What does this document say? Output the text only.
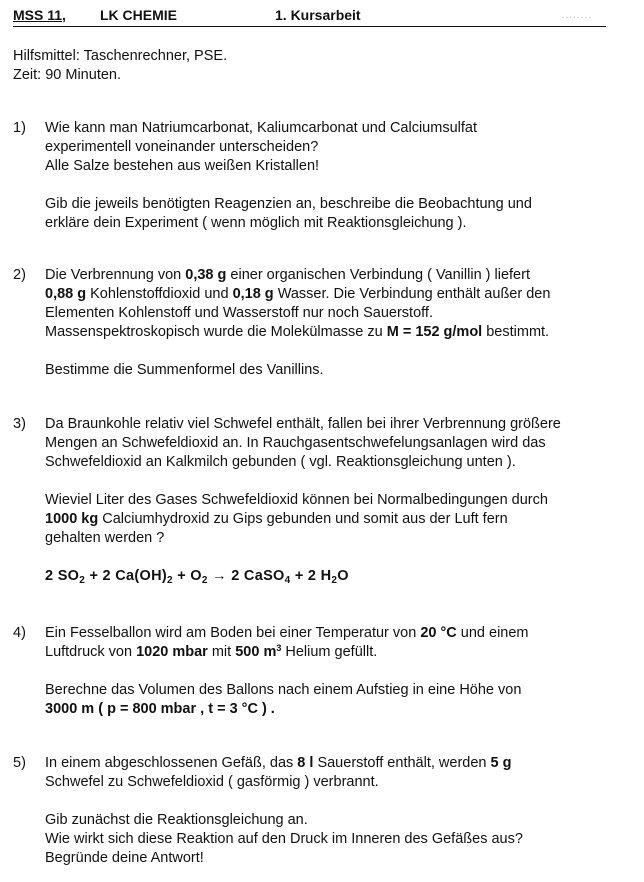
MSS 11, LK CHEMIE	1. Kursarbeit	........
Hilfsmittel: Taschenrechner, PSE.
Zeit: 90 Minuten.
1) Wie kann man Natriumcarbonat, Kaliumcarbonat und Calciumsulfat

experimentell voneinander unterscheiden?

Alle Salze bestehen aus weißen Kristallen!

Gib die jeweils benötigten Reagenzien an, beschreibe die Beobachtung und

erkläre dein Experiment ( wenn möglich mit Reaktionsgleichung ).

2) Die Verbrennung von 0,38 g einer organischen Verbindung ( Vanillin ) liefert

0,88 g Kohlenstoffdioxid und 0,18 g Wasser. Die Verbindung enthält außer den

Elementen Kohlenstoff und Wasserstoff nur noch Sauerstoff.

Massenspektroskopisch wurde die Molekülmasse zu M = 152 g/mol bestimmt.

Bestimme die Summenformel des Vanillins.

3) Da Braunkohle relativ viel Schwefel enthält, fallen bei ihrer Verbrennung größere

Mengen an Schwefeldioxid an. In Rauchgasentschwefelungsanlagen wird das

Schwefeldioxid an Kalkmilch gebunden ( vgl. Reaktionsgleichung unten ).

Wieviel Liter des Gases Schwefeldioxid können bei Normalbedingungen durch

1000 kg Calciumhydroxid zu Gips gebunden und somit aus der Luft fern

gehalten werden ?

2 $SO_2 + 2$ $Ca(OH)_2 + O_2 \to 2$ CaSO$_4$ + 2 $H_2O$

4) Ein Fesselballon wird am Boden bei einer Temperatur von 20 °C und einem

Luftdruck von 1020 mbar mit 500 $m^3$ Helium gefüllt.

Berechne das Volumen des Ballons nach einem Aufstieg in eine Höhe von

3000 m ( p = 800 mbar , t = 3 °C ) .

5) In einem abgeschlossenen Gefäß, das 8 l Sauerstoff enthält, werden 5 g

Schwefel zu Schwefeldioxid ( gasförmig ) verbrannt.

Gib zunächst die Reaktionsgleichung an.

Wie wirkt sich diese Reaktion auf den Druck im Inneren des Gefäßes aus?

Begründe deine Antwort!
